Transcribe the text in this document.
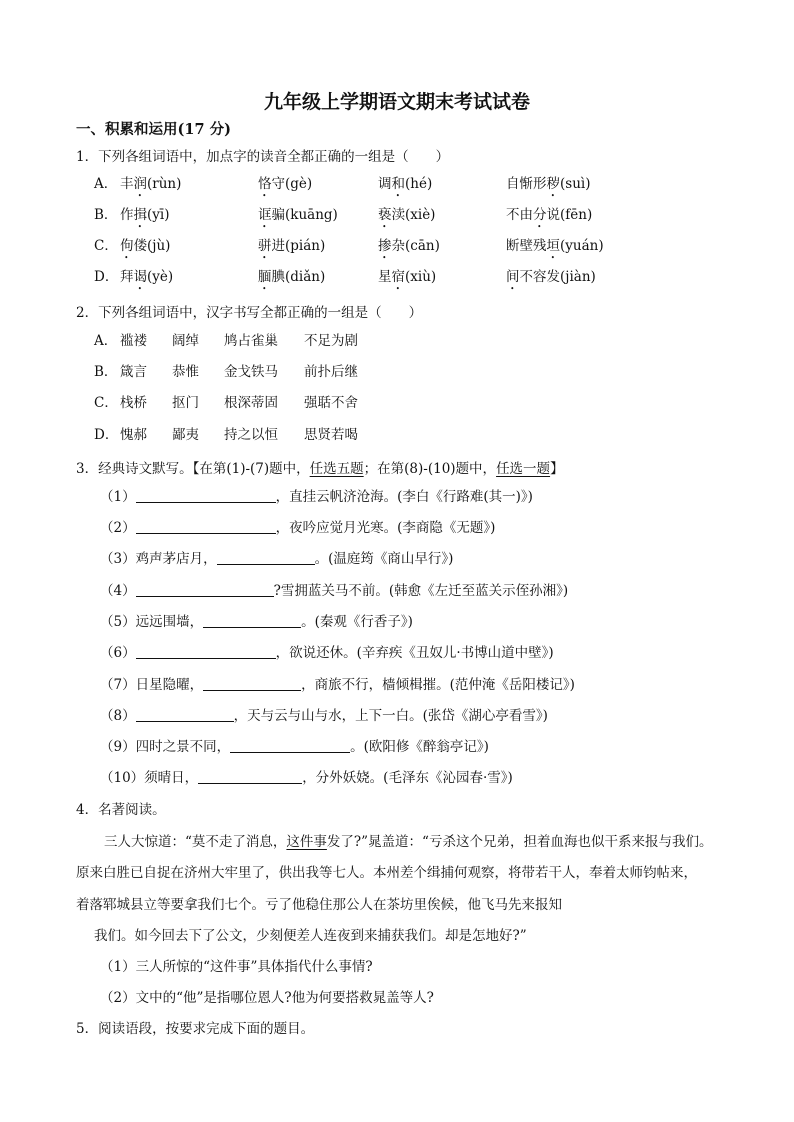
九年级上学期语文期末考试试卷
一、积累和运用(17 分)
1．下列各组词语中，加点字的读音全都正确的一组是（　　）
A． 丰润(rùn)	恪守(gè)	调和(hé)	自惭形秽(suì)
B． 作揖(yī)	诓骗(kuāng)	亵渎(xiè)	不由分说(fēn)
C． 佝偻(jù)	骈进(pián)	掺杂(cān)	断壁残垣(yuán)
D． 拜谒(yè)	腼腆(diǎn)	星宿(xiù)	间不容发(jiàn)
2．下列各组词语中，汉字书写全都正确的一组是（　　）
A． 褴褛 阔绰 鸠占雀巢 不足为剧
B． 箴言 恭惟 金戈铁马 前扑后继
C． 栈桥 抠门 根深蒂固 强聒不舍
D． 愧郝 鄙夷 持之以恒 思贤若喝
3．经典诗文默写。【在第(1)-(7)题中，任选五题；在第(8)-(10)题中，任选一题】
（1）	，直挂云帆济沧海。(李白《行路难(其一)》)
（2）	，夜吟应觉月光寒。(李商隐《无题》)
（3）鸡声茅店月，	。(温庭筠《商山早行》)
（4）	?雪拥蓝关马不前。(韩愈《左迁至蓝关示侄孙湘》)
（5）远远围墙，	。(秦观《行香子》)
（6）	，欲说还休。(辛弃疾《丑奴儿·书博山道中壁》)
（7）日星隐曜，	，商旅不行，樯倾楫摧。(范仲淹《岳阳楼记》)
（8）	，天与云与山与水，上下一白。(张岱《湖心亭看雪》)
（9）四时之景不同，	。(欧阳修《醉翁亭记》)
（10）须晴日，	，分外妖娆。(毛泽东《沁园春·雪》)
4．名著阅读。
三人大惊道：“莫不走了消息，这件事发了?”晁盖道：“亏杀这个兄弟，担着血海也似干系来报与我们。
原来白胜已自捉在济州大牢里了，供出我等七人。本州差个缉捕何观察，将带若干人，奉着太师钧帖来，
着落郓城县立等要拿我们七个。亏了他稳住那公人在茶坊里俟候，他飞马先来报知
我们。如今回去下了公文，少刻便差人连夜到来捕获我们。却是怎地好?”
（1）三人所惊的“这件事”具体指代什么事情?
（2）文中的“他”是指哪位恩人?他为何要搭救晁盖等人?
5．阅读语段，按要求完成下面的题目。
